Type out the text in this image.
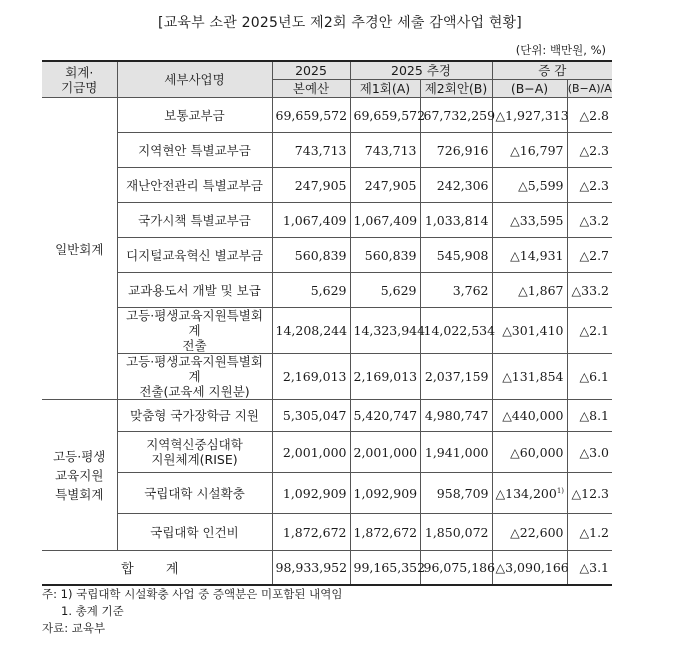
[교육부 소관 2025년도 제2회 추경안 세출 감액사업 현황]
(단위: 백만원, %)
회계·
기금명	세부사업명	2025	2025 추경		증 감	
		본예산	제1회(A)	제2회안(B)	(B−A)	(B−A)/A
일반회계	보통교부금	69,659,572	69,659,572	67,732,259	△1,927,313	△2.8
	지역현안 특별교부금	743,713	743,713	726,916	△16,797	△2.3
	재난안전관리 특별교부금	247,905	247,905	242,306	△5,599	△2.3
	국가시책 특별교부금	1,067,409	1,067,409	1,033,814	△33,595	△3.2
	디지털교육혁신 별교부금	560,839	560,839	545,908	△14,931	△2.7
	교과용도서 개발 및 보급	5,629	5,629	3,762	△1,867	△33.2
	고등·평생교육지원특별회계
전출	14,208,244	14,323,944	14,022,534	△301,410	△2.1
	고등·평생교육지원특별회계
전출(교육세 지원분)	2,169,013	2,169,013	2,037,159	△131,854	△6.1
고등·평생
교육지원
특별회계	맞춤형 국가장학금 지원	5,305,047	5,420,747	4,980,747	△440,000	△8.1
	지역혁신중심대학
지원체계(RISE)	2,001,000	2,001,000	1,941,000	△60,000	△3.0
	국립대학 시설확충	1,092,909	1,092,909	958,709	△134,200$^{1)}$	△12.3
	국립대학 인건비	1,872,672	1,872,672	1,850,072	△22,600	△1.2
합 계		98,933,952	99,165,352	96,075,186	△3,090,166	△3.1
주: 1) 국립대학 시설확충 사업 중 증액분은 미포함된 내역임
1. 총계 기준
자료: 교육부
